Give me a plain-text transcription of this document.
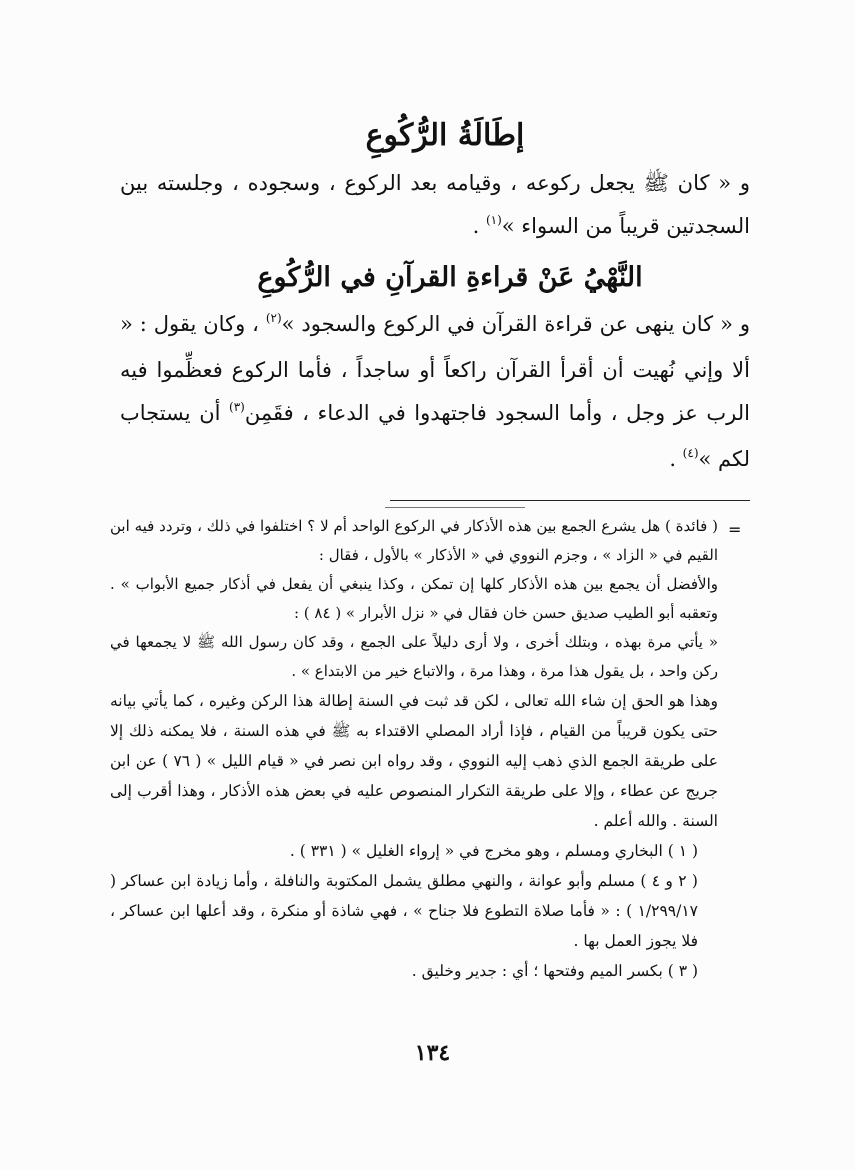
إطَالَةُ الرُّكُوعِ

و « كان ﷺ يجعل ركوعه ، وقيامه بعد الركوع ، وسجوده ، وجلسته بين السجدتين قريباً من السواء »$^{(١)}$ .

النَّهْيُ عَنْ قراءةِ القرآنِ في الرُّكُوعِ

و « كان ينهى عن قراءة القرآن في الركوع والسجود »$^{(٢)}$ ، وكان يقول : « ألا وإني نُهيت أن أقرأ القرآن راكعاً أو ساجداً ، فأما الركوع فعظِّموا فيه الرب عز وجل ، وأما السجود فاجتهدوا في الدعاء ، فقَمِن$^{(٣)}$ أن يستجاب لكم »$^{(٤)}$ .

=

( فائدة ) هل يشرع الجمع بين هذه الأذكار في الركوع الواحد أم لا ؟ اختلفوا في ذلك ، وتردد فيه ابن القيم في « الزاد » ، وجزم النووي في « الأذكار » بالأول ، فقال :

والأفضل أن يجمع بين هذه الأذكار كلها إن تمكن ، وكذا ينبغي أن يفعل في أذكار جميع الأبواب » . وتعقبه أبو الطيب صديق حسن خان فقال في « نزل الأبرار » ( ٨٤ ) :

« يأتي مرة بهذه ، وبتلك أخرى ، ولا أرى دليلاً على الجمع ، وقد كان رسول الله ﷺ لا يجمعها في ركن واحد ، بل يقول هذا مرة ، وهذا مرة ، والاتباع خير من الابتداع » .

وهذا هو الحق إن شاء الله تعالى ، لكن قد ثبت في السنة إطالة هذا الركن وغيره ، كما يأتي بيانه حتى يكون قريباً من القيام ، فإذا أراد المصلي الاقتداء به ﷺ في هذه السنة ، فلا يمكنه ذلك إلا على طريقة الجمع الذي ذهب إليه النووي ، وقد رواه ابن نصر في « قيام الليل » ( ٧٦ ) عن ابن جريج عن عطاء ، وإلا على طريقة التكرار المنصوص عليه في بعض هذه الأذكار ، وهذا أقرب إلى السنة . والله أعلم .

( ١ ) البخاري ومسلم ، وهو مخرج في « إرواء الغليل » ( ٣٣١ ) .

( ٢ و ٤ ) مسلم وأبو عوانة ، والنهي مطلق يشمل المكتوبة والنافلة ، وأما زيادة ابن عساكر ( ١/٢٩٩/١٧ ) : « فأما صلاة التطوع فلا جناح » ، فهي شاذة أو منكرة ، وقد أعلها ابن عساكر ، فلا يجوز العمل بها .

( ٣ ) بكسر الميم وفتحها ؛ أي : جدير وخليق .

١٣٤
